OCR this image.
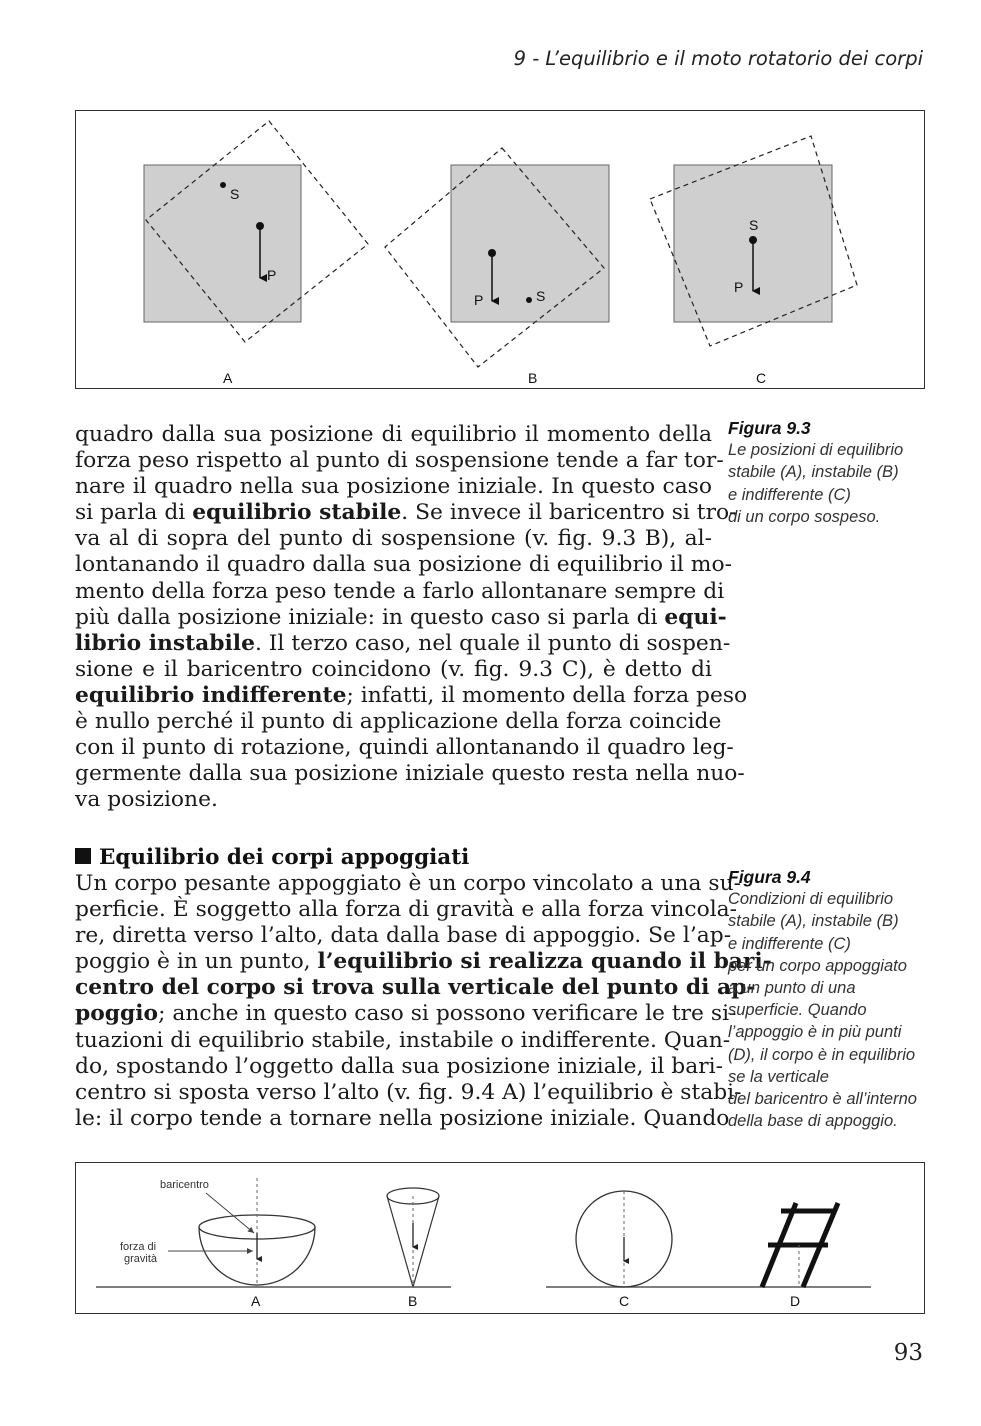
9 - L’equilibrio e il moto rotatorio dei corpi
S
P
A
P	S
B
S
P
C
Figura 9.3
Le posizioni di equilibrio
stabile (A), instabile (B)
e indifferente (C)
di un corpo sospeso.
quadro dalla sua posizione di equilibrio il momento della
forza peso rispetto al punto di sospensione tende a far tor-
nare il quadro nella sua posizione iniziale. In questo caso
si parla di equilibrio stabile. Se invece il baricentro si tro-
va al di sopra del punto di sospensione (v. fig. 9.3 B), al-
lontanando il quadro dalla sua posizione di equilibrio il mo-
mento della forza peso tende a farlo allontanare sempre di
più dalla posizione iniziale: in questo caso si parla di equi-
librio instabile. Il terzo caso, nel quale il punto di sospen-
sione e il baricentro coincidono (v. fig. 9.3 C), è detto di
equilibrio indifferente; infatti, il momento della forza peso
è nullo perché il punto di applicazione della forza coincide
con il punto di rotazione, quindi allontanando il quadro leg-
germente dalla sua posizione iniziale questo resta nella nuo-
va posizione.
Equilibrio dei corpi appoggiati
Un corpo pesante appoggiato è un corpo vincolato a una su-
perficie. È soggetto alla forza di gravità e alla forza vincola-
re, diretta verso l’alto, data dalla base di appoggio. Se l’ap-
poggio è in un punto, l’equilibrio si realizza quando il bari-
centro del corpo si trova sulla verticale del punto di ap-
poggio; anche in questo caso si possono verificare le tre si-
tuazioni di equilibrio stabile, instabile o indifferente. Quan-
do, spostando l’oggetto dalla sua posizione iniziale, il bari-
centro si sposta verso l’alto (v. fig. 9.4 A) l’equilibrio è stabi-
le: il corpo tende a tornare nella posizione iniziale. Quando
Figura 9.4
Condizioni di equilibrio
stabile (A), instabile (B)
e indifferente (C)
per un corpo appoggiato
a un punto di una
superficie. Quando
l’appoggio è in più punti
(D), il corpo è in equilibrio
se la verticale
del baricentro è all’interno
della base di appoggio.
baricentro
forza di
gravità
A	B	C	D
93
